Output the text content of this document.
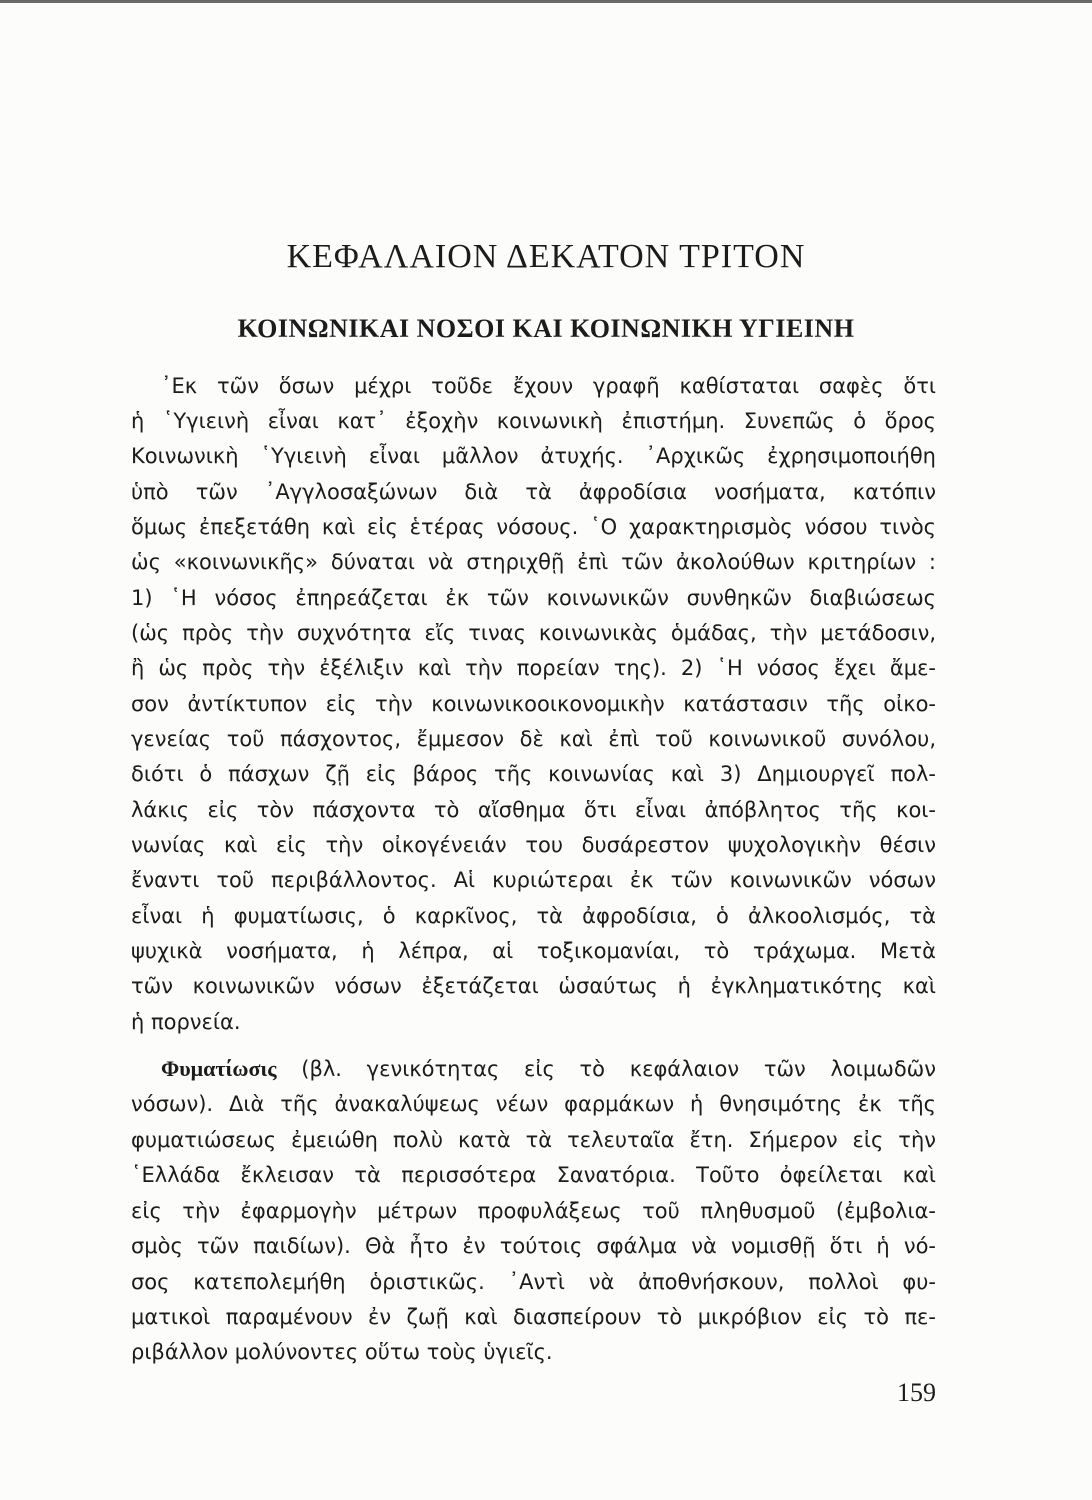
ΚΕΦΑΛΑΙΟΝ ΔΕΚΑΤΟΝ ΤΡΙΤΟΝ
ΚΟΙΝΩΝΙΚΑΙ ΝΟΣΟΙ ΚΑΙ ΚΟΙΝΩΝΙΚΗ ΥΓΙΕΙΝΗ

᾿Εκ τῶν ὅσων μέχρι τοῦδε ἔχουν γραφῆ καθίσταται σαφὲς ὅτι

ἡ ῾Υγιεινὴ εἶναι κατ᾿ ἐξοχὴν κοινωνικὴ ἐπιστήμη. Συνεπῶς ὁ ὅρος

Κοινωνικὴ ῾Υγιεινὴ εἶναι μᾶλλον ἀτυχής. ᾿Αρχικῶς ἐχρησιμοποιήθη

ὑπὸ τῶν ᾿Αγγλοσαξώνων διὰ τὰ ἀφροδίσια νοσήματα, κατόπιν

ὅμως ἐπεξετάθη καὶ εἰς ἑτέρας νόσους. ῾Ο χαρακτηρισμὸς νόσου τινὸς

ὡς «κοινωνικῆς» δύναται νὰ στηριχθῇ ἐπὶ τῶν ἀκολούθων κριτηρίων :

1) ῾Η νόσος ἐπηρεάζεται ἐκ τῶν κοινωνικῶν συνθηκῶν διαβιώσεως

(ὡς πρὸς τὴν συχνότητα εἴς τινας κοινωνικὰς ὁμάδας, τὴν μετάδοσιν,

ἢ ὡς πρὸς τὴν ἐξέλιξιν καὶ τὴν πορείαν της). 2) ῾Η νόσος ἔχει ἄμε-

σον ἀντίκτυπον εἰς τὴν κοινωνικοοικονομικὴν κατάστασιν τῆς οἰκο-

γενείας τοῦ πάσχοντος, ἔμμεσον δὲ καὶ ἐπὶ τοῦ κοινωνικοῦ συνόλου,

διότι ὁ πάσχων ζῇ εἰς βάρος τῆς κοινωνίας καὶ 3) Δημιουργεῖ πολ-

λάκις εἰς τὸν πάσχοντα τὸ αἴσθημα ὅτι εἶναι ἀπόβλητος τῆς κοι-

νωνίας καὶ εἰς τὴν οἰκογένειάν του δυσάρεστον ψυχολογικὴν θέσιν

ἔναντι τοῦ περιβάλλοντος. Αἱ κυριώτεραι ἐκ τῶν κοινωνικῶν νόσων

εἶναι ἡ φυματίωσις, ὁ καρκῖνος, τὰ ἀφροδίσια, ὁ ἀλκοολισμός, τὰ

ψυχικὰ νοσήματα, ἡ λέπρα, αἱ τοξικομανίαι, τὸ τράχωμα. Μετὰ

τῶν κοινωνικῶν νόσων ἐξετάζεται ὡσαύτως ἡ ἐγκληματικότης καὶ

ἡ πορνεία.

Φυματίωσις (βλ. γενικότητας εἰς τὸ κεφάλαιον τῶν λοιμωδῶν

νόσων). Διὰ τῆς ἀνακαλύψεως νέων φαρμάκων ἡ θνησιμότης ἐκ τῆς

φυματιώσεως ἐμειώθη πολὺ κατὰ τὰ τελευταῖα ἔτη. Σήμερον εἰς τὴν

῾Ελλάδα ἔκλεισαν τὰ περισσότερα Σανατόρια. Τοῦτο ὀφείλεται καὶ

εἰς τὴν ἐφαρμογὴν μέτρων προφυλάξεως τοῦ πληθυσμοῦ (ἐμβολια-

σμὸς τῶν παιδίων). Θὰ ἦτο ἐν τούτοις σφάλμα νὰ νομισθῇ ὅτι ἡ νό-

σος κατεπολεμήθη ὁριστικῶς. ᾿Αντὶ νὰ ἀποθνήσκουν, πολλοὶ φυ-

ματικοὶ παραμένουν ἐν ζωῇ καὶ διασπείρουν τὸ μικρόβιον εἰς τὸ πε-

ριβάλλον μολύνοντες οὕτω τοὺς ὑγιεῖς.

159
